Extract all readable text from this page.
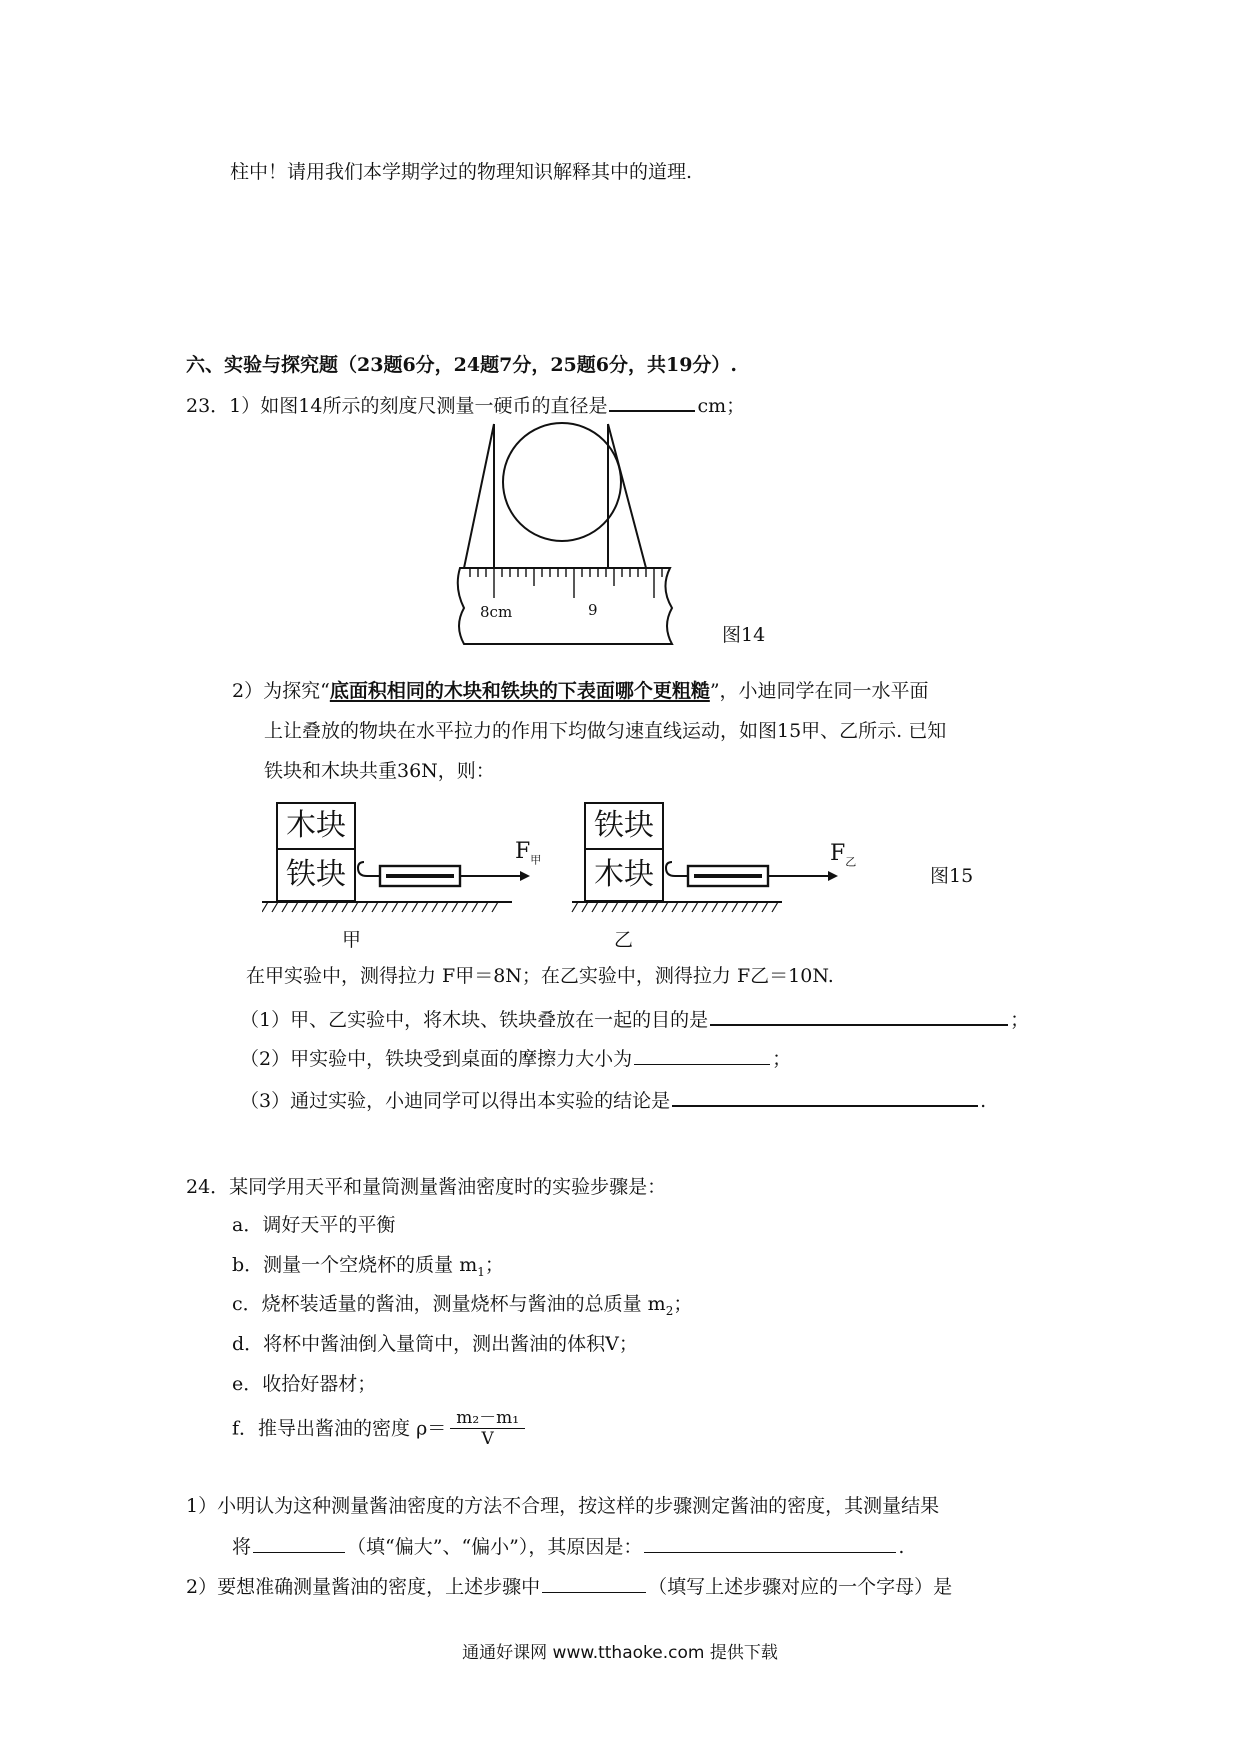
柱中！请用我们本学期学过的物理知识解释其中的道理.
六、实验与探究题（23题6分，24题7分，25题6分，共19分）.
23．1）如图14所示的刻度尺测量一硬币的直径是	cm；
8cm	9
图14
2）为探究“底面积相同的木块和铁块的下表面哪个更粗糙”，小迪同学在同一水平面
上让叠放的物块在水平拉力的作用下均做匀速直线运动，如图15甲、乙所示. 已知
铁块和木块共重36N，则：
木块
铁块
$F_甲$
甲
铁块
木块
$F_乙$
乙
图15
在甲实验中，测得拉力 F甲＝8N；在乙实验中，测得拉力 F乙＝10N.
（1）甲、乙实验中，将木块、铁块叠放在一起的目的是	；
（2）甲实验中，铁块受到桌面的摩擦力大小为	；
（3）通过实验，小迪同学可以得出本实验的结论是	.
24．某同学用天平和量筒测量酱油密度时的实验步骤是：
a．调好天平的平衡
b．测量一个空烧杯的质量 $m_1$；
c．烧杯装适量的酱油，测量烧杯与酱油的总质量 $m_2$；
d．将杯中酱油倒入量筒中，测出酱油的体积V；
e．收拾好器材；
f．推导出酱油的密度 $\rho= \frac{\text{m₂－m₁}}{V}$
1）小明认为这种测量酱油密度的方法不合理，按这样的步骤测定酱油的密度，其测量结果
将	（填“偏大”、“偏小”），其原因是：	.
2）要想准确测量酱油的密度，上述步骤中	（填写上述步骤对应的一个字母）是
通通好课网 www.tthaoke.com 提供下载
